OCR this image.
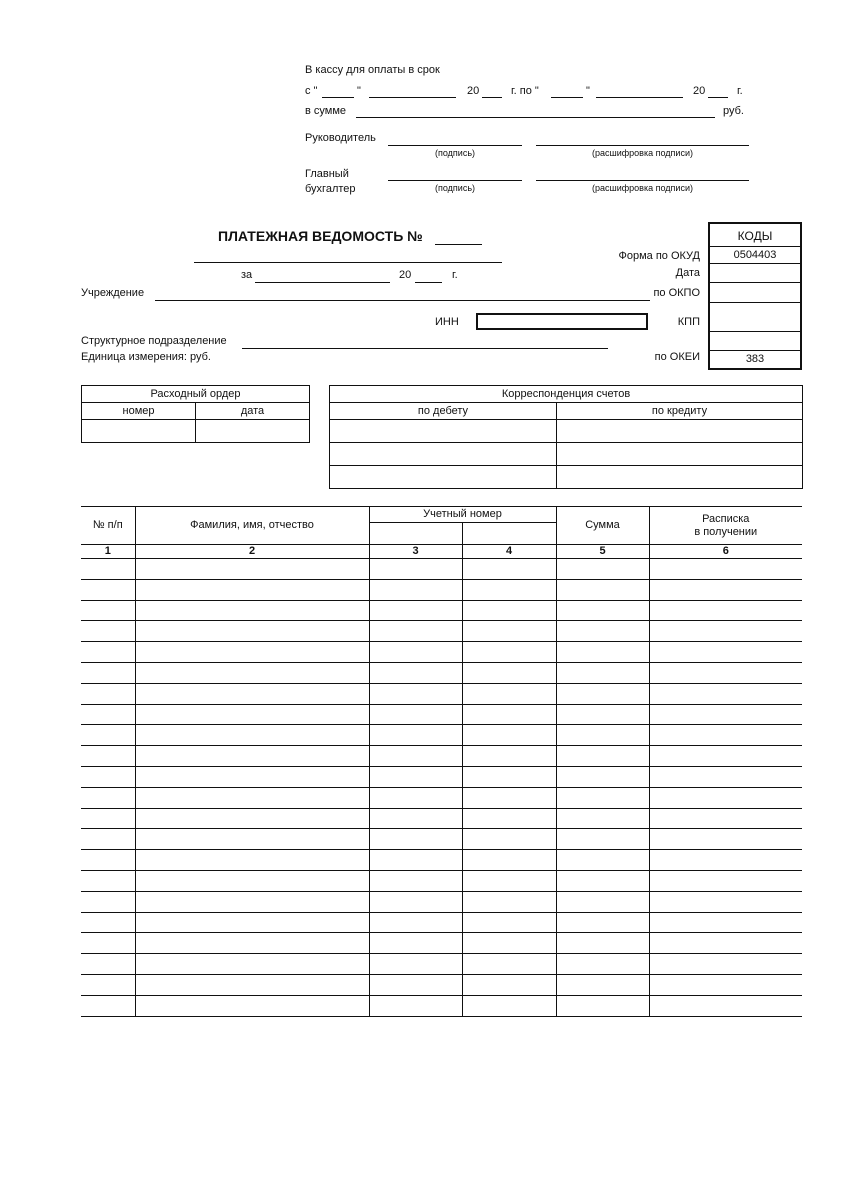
В кассу для оплаты в срок
с "	"	20	г. по "	"	20	г.
в сумме	руб.
Руководитель
(подпись)	(расшифровка подписи)
Главный
бухгалтер	(подпись)	(расшифровка подписи)
ПЛАТЕЖНАЯ ВЕДОМОСТЬ №
за	20	г.
Учреждение
ИНН
Структурное подразделение
Единица измерения: руб.
Форма по ОКУД
Дата
по ОКПО
КПП
по ОКЕИ
КОДЫ
0504403
383
Расходный ордер	
номер	дата

Корреспонденция счетов	
по дебету	по кредиту

№ п/п	Фамилия, имя, отчество	Учетный номер		Сумма	Расписка
в получении

1	2	3	4	5	6
